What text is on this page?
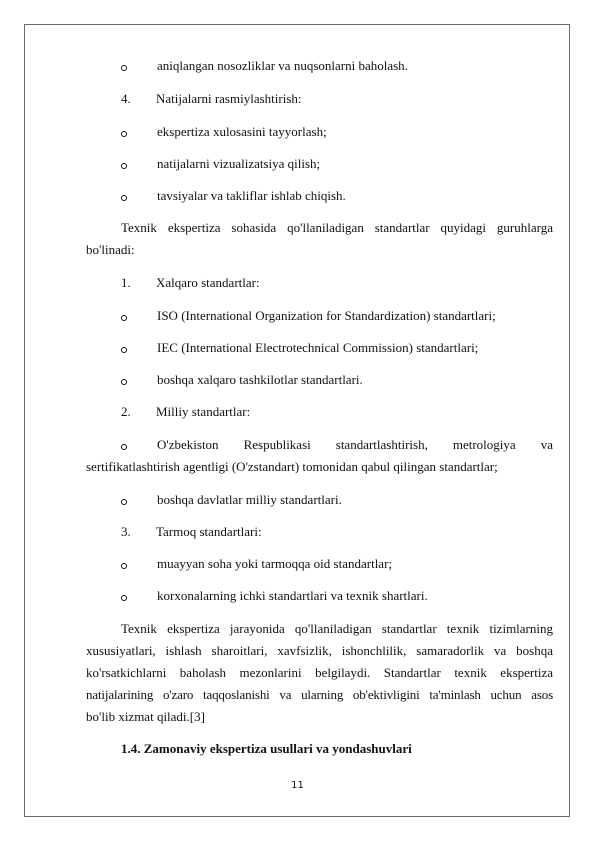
aniqlangan nosozliklar va nuqsonlarni baholash.
4. Natijalarni rasmiylashtirish:
ekspertiza xulosasini tayyorlash;
natijalarni vizualizatsiya qilish;
tavsiyalar va takliflar ishlab chiqish.
Texnik ekspertiza sohasida qo'llaniladigan standartlar quyidagi guruhlarga
bo'linadi:
1. Xalqaro standartlar:
ISO (International Organization for Standardization) standartlari;
IEC (International Electrotechnical Commission) standartlari;
boshqa xalqaro tashkilotlar standartlari.
2. Milliy standartlar:
O'zbekiston Respublikasi standartlashtirish, metrologiya va
sertifikatlashtirish agentligi (O'zstandart) tomonidan qabul qilingan standartlar;
boshqa davlatlar milliy standartlari.
3. Tarmoq standartlari:
muayyan soha yoki tarmoqqa oid standartlar;
korxonalarning ichki standartlari va texnik shartlari.
Texnik ekspertiza jarayonida qo'llaniladigan standartlar texnik tizimlarning
xususiyatlari, ishlash sharoitlari, xavfsizlik, ishonchlilik, samaradorlik va boshqa
ko'rsatkichlarni baholash mezonlarini belgilaydi. Standartlar texnik ekspertiza
natijalarining o'zaro taqqoslanishi va ularning ob'ektivligini ta'minlash uchun asos
bo'lib xizmat qiladi.[3]
1.4. Zamonaviy ekspertiza usullari va yondashuvlari
11
